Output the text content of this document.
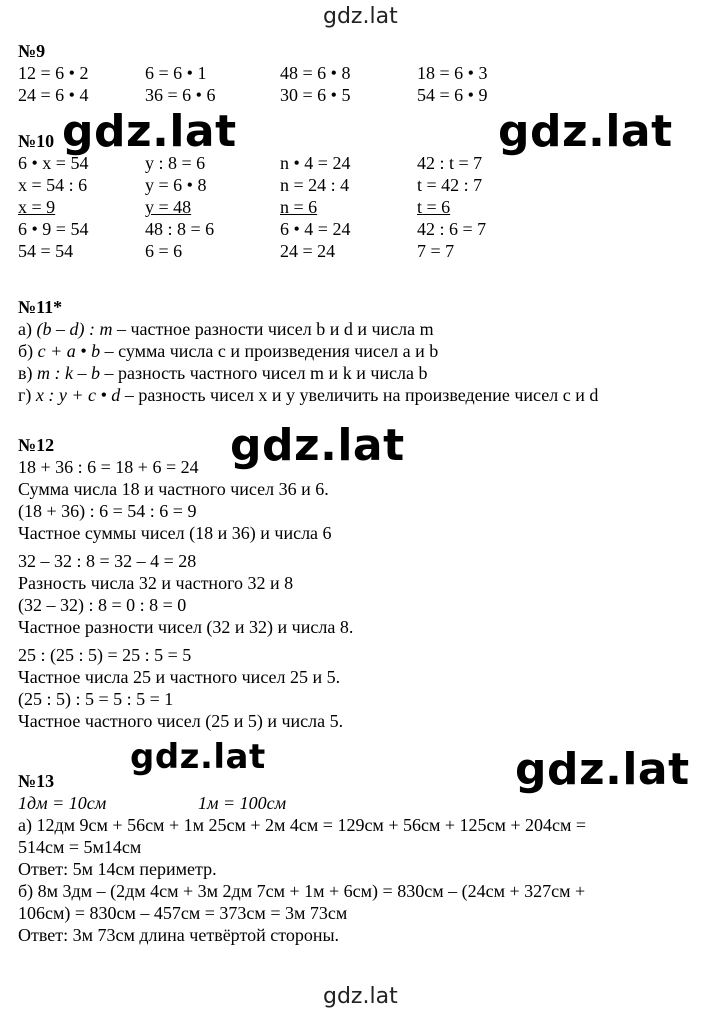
gdz.lat
gdz.lat
№9
12 = 6 • 2	6 = 6 • 1	48 = 6 • 8	18 = 6 • 3
24 = 6 • 4	36 = 6 • 6	30 = 6 • 5	54 = 6 • 9
№10
6 • x = 54	y : 8 = 6	n • 4 = 24	42 : t = 7
x = 54 : 6	y = 6 • 8	n = 24 : 4	t = 42 : 7
x = 9	y = 48	n = 6	t = 6
6 • 9 = 54	48 : 8 = 6	6 • 4 = 24	42 : 6 = 7
54 = 54	6 = 6	24 = 24	7 = 7
№11*
а) (b – d) : m – частное разности чисел b и d и числа m
б) c + a • b – сумма числа c и произведения чисел a и b
в) m : k – b – разность частного чисел m и k и числа b
г) x : y + c • d – разность чисел x и y увеличить на произведение чисел c и d
№12
18 + 36 : 6 = 18 + 6 = 24
Сумма числа 18 и частного чисел 36 и 6.
(18 + 36) : 6 = 54 : 6 = 9
Частное суммы чисел (18 и 36) и числа 6
32 – 32 : 8 = 32 – 4 = 28
Разность числа 32 и частного 32 и 8
(32 – 32) : 8 = 0 : 8 = 0
Частное разности чисел (32 и 32) и числа 8.
25 : (25 : 5) = 25 : 5 = 5
Частное числа 25 и частного чисел 25 и 5.
(25 : 5) : 5 = 5 : 5 = 1
Частное частного чисел (25 и 5) и числа 5.
№13
1дм = 10см	1м = 100см
а) 12дм 9см + 56см + 1м 25см + 2м 4см = 129см + 56см + 125см + 204см =
514см = 5м14см
Ответ: 5м 14см периметр.
б) 8м 3дм – (2дм 4см + 3м 2дм 7см + 1м + 6см) = 830см – (24см + 327см +
106см) = 830см – 457см = 373см = 3м 73см
Ответ: 3м 73см длина четвёртой стороны.
gdz.lat	gdz.lat
gdz.lat
gdz.lat	gdz.lat
